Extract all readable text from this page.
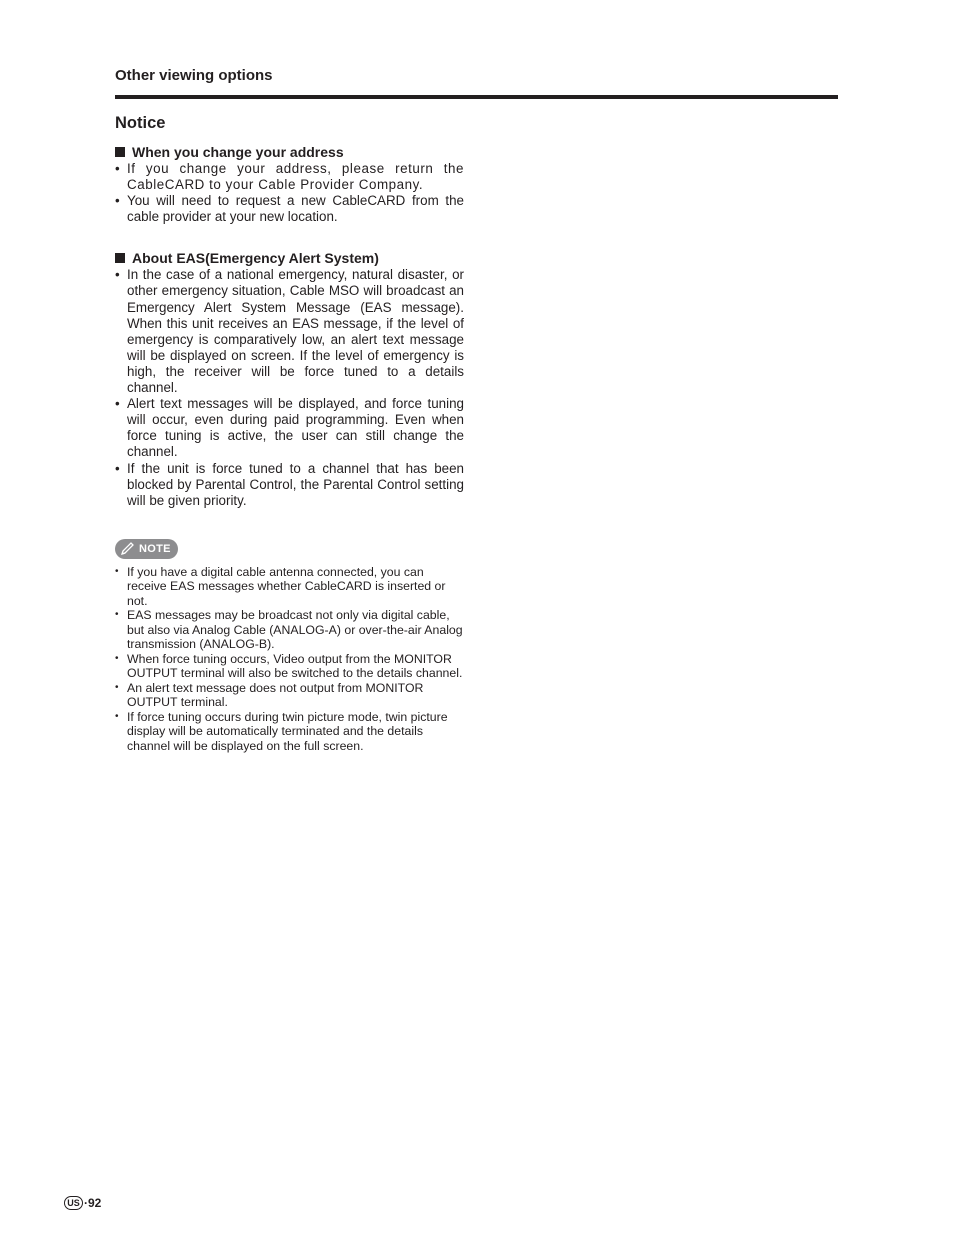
Other viewing options
Notice
When you change your address
• If you change your address, please return the CableCARD to your Cable Provider Company.
• You will need to request a new CableCARD from the cable provider at your new location.
About EAS(Emergency Alert System)
• In the case of a national emergency, natural disaster, or other emergency situation, Cable MSO will broadcast an Emergency Alert System Message (EAS message). When this unit receives an EAS message, if the level of emergency is comparatively low, an alert text message will be displayed on screen. If the level of emergency is high, the receiver will be force tuned to a details channel.
• Alert text messages will be displayed, and force tuning will occur, even during paid programming. Even when force tuning is active, the user can still change the channel.
• If the unit is force tuned to a channel that has been blocked by Parental Control, the Parental Control setting will be given priority.
NOTE
• If you have a digital cable antenna connected, you can receive EAS messages whether CableCARD is inserted or not.
• EAS messages may be broadcast not only via digital cable, but also via Analog Cable (ANALOG-A) or over-the-air Analog transmission (ANALOG-B).
• When force tuning occurs, Video output from the MONITOR OUTPUT terminal will also be switched to the details channel.
• An alert text message does not output from MONITOR OUTPUT terminal.
• If force tuning occurs during twin picture mode, twin picture display will be automatically terminated and the details channel will be displayed on the full screen.
US ·92
